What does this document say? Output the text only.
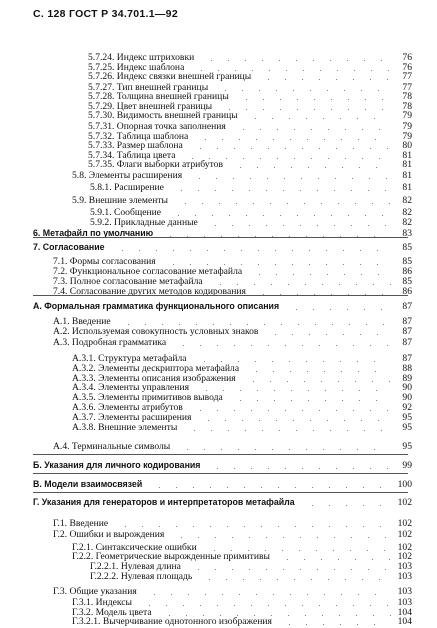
С. 128 ГОСТ Р 34.701.1—92
5.7.24. Индекс штриховки	76
5.7.25. Индекс шаблона	76
5.7.26. Индекс связки внешней границы	77
5.7.27. Тип внешней границы	77
5.7.28. Толщина внешней границы	78
5.7.29. Цвет внешней границы	78
5.7.30. Видимость внешней границы	79
5.7.31. Опорная точка заполнения	79
5.7.32. Таблица шаблона	79
5.7.33. Размер шаблона	80
5.7.34. Таблица цвета	81
5.7.35. Флаги выборки атрибутов	81
5.8. Элементы расширения	81
5.8.1. Расширение	81
5.9. Внешние элементы	82
5.9.1. Сообщение	82
5.9.2. Прикладные данные	82
6. Метафайл по умолчанию	83
7. Согласование	85
7.1. Формы согласования	85
7.2. Функциональное согласование метафайла	86
7.3. Полное согласование метафайла	85
7.4. Согласование других методов кодирования	86
А. Формальная грамматика функционального описания	87
А.1. Введение	87
А.2. Используемая совокупность условных знаков	87
А.3. Подробная грамматика	87
А.3.1. Структура метафайла	87
А.3.2. Элементы дескриптора метафайла	88
А.3.3. Элементы описания изображения	89
А.3.4. Элементы управления	90
А.3.5. Элементы примитивов вывода	90
А.3.6. Элементы атрибутов	92
А.3.7. Элементы расширения	95
А.3.8. Внешние элементы	95
А.4. Терминальные символы	95
Б. Указания для личного кодирования	99
В. Модели взаимосвязей	100
Г. Указания для генераторов и интерпретаторов метафайла	102
Г.1. Введение	102
Г.2. Ошибки и вырождения	102
Г.2.1. Синтаксические ошибки	102
Г.2.2. Геометрические вырожденные примитивы	102
Г.2.2.1. Нулевая длина	103
Г.2.2.2. Нулевая площадь	103
Г.3. Общие указания	103
Г.3.1. Индексы	103
Г.3.2. Модель цвета	104
Г.3.2.1. Вычерчивание однотонного изображения	104
